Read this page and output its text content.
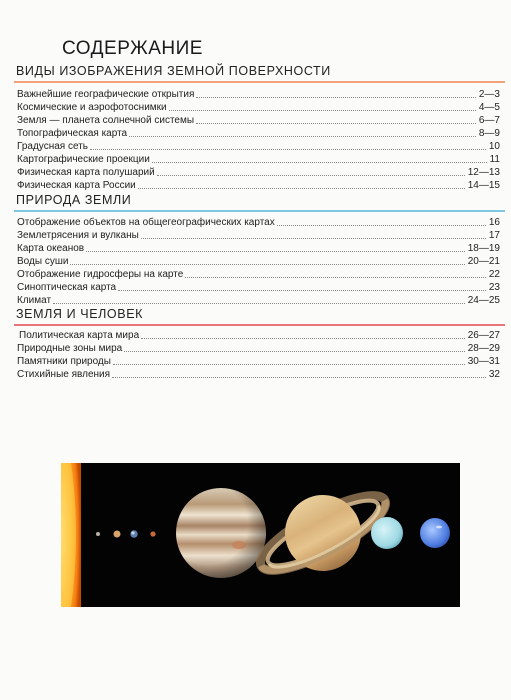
СОДЕРЖАНИЕ
ВИДЫ ИЗОБРАЖЕНИЯ ЗЕМНОЙ ПОВЕРХНОСТИ
Важнейшие географические открытия	2—3
Космические и аэрофотоснимки	4—5
Земля — планета солнечной системы	6—7
Топографическая карта	8—9
Градусная сеть	10
Картографические проекции	11
Физическая карта полушарий	12—13
Физическая карта России	14—15
ПРИРОДА ЗЕМЛИ
Отображение объектов на общегеографических картах	16
Землетрясения и вулканы	17
Карта океанов	18—19
Воды суши	20—21
Отображение гидросферы на карте	22
Синоптическая карта	23
Климат	24—25
ЗЕМЛЯ И ЧЕЛОВЕК
Политическая карта мира	26—27
Природные зоны мира	28—29
Памятники природы	30—31
Стихийные явления	32
